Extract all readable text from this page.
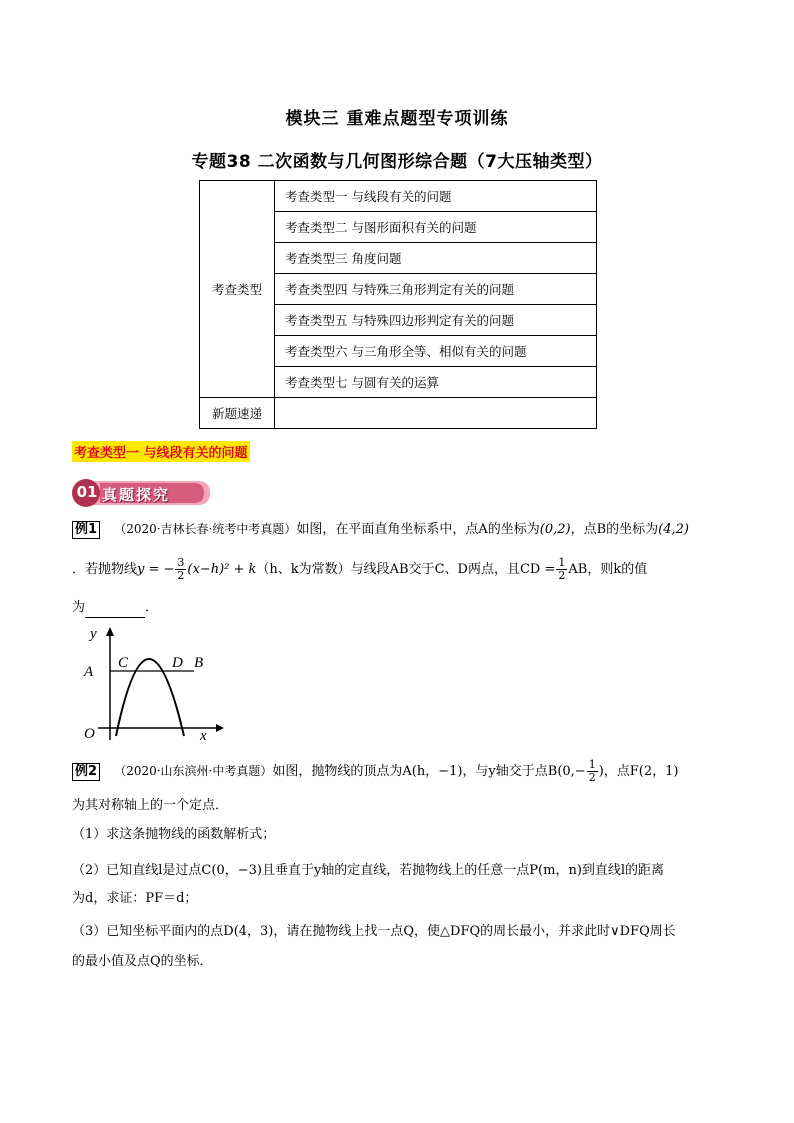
模块三 重难点题型专项训练
专题38 二次函数与几何图形综合题（7大压轴类型）
考查类型	考查类型一 与线段有关的问题
	考查类型二 与图形面积有关的问题
	考查类型三 角度问题
	考查类型四 与特殊三角形判定有关的问题
	考查类型五 与特殊四边形判定有关的问题
	考查类型六 与三角形全等、相似有关的问题
	考查类型七 与圆有关的运算
新题速递	
考查类型一 与线段有关的问题
01 真题探究
例1 （2020·吉林长春·统考中考真题）如图，在平面直角坐标系中，点A的坐标为(0,2)，点B的坐标为(4,2)
．若抛物线y = − $\frac{3}{2} (x-h)^2 + k(h$、k为常数）与线段AB交于C、D两点，且CD = $\frac{1}{2}$ AB，则k的值
为	．
y
A
C	D B
O	x
例2 （2020·山东滨州·中考真题）如图，抛物线的顶点为A(h，−1)，与y轴交于点$B(0,- \frac{1}{2}$ )，点F(2，1)
为其对称轴上的一个定点．
（1）求这条抛物线的函数解析式；
（2）已知直线l是过点C(0，−3)且垂直于y轴的定直线，若抛物线上的任意一点P(m，n)到直线l的距离
为d，求证：PF＝d；
（3）已知坐标平面内的点D(4，3)，请在抛物线上找一点Q，使△DFQ的周长最小，并求此时∨DFQ周长
的最小值及点Q的坐标．
